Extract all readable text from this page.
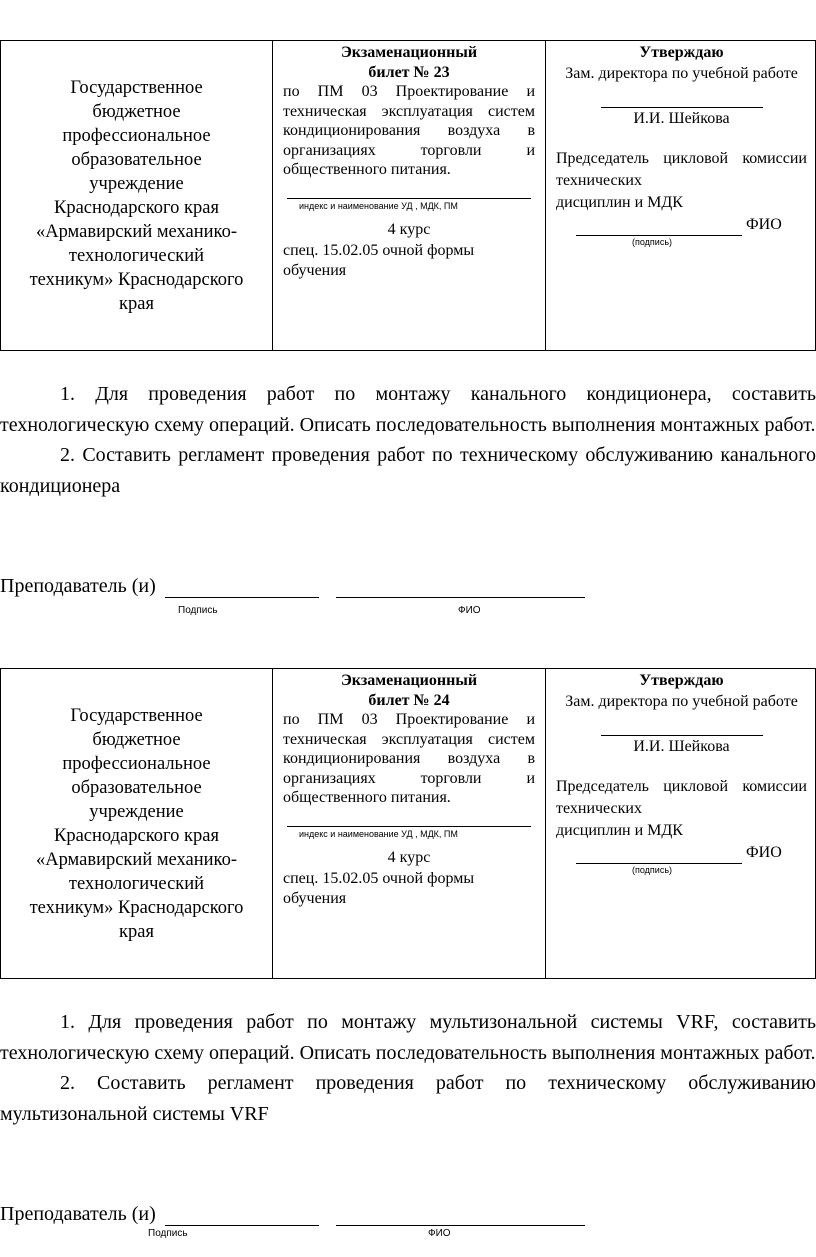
Государственное
бюджетное
профессиональное
образовательное
учреждение
Краснодарского края
«Армавирский механико-
технологический
техникум» Краснодарского
края

Экзаменационный
билет № 23
по ПМ 03 Проектирование и техническая эксплуатация систем кондиционирования воздуха в организациях торговли и общественного питания.
индекс и наименование УД , МДК, ПМ
4 курс
спец. 15.02.05 очной формы обучения

Утверждаю
Зам. директора по учебной работе
И.И. Шейкова
Председатель цикловой комиссии технических
дисциплин и МДК
ФИО
(подпись)

1. Для проведения работ по монтажу канального кондиционера, составить технологическую схему операций. Описать последовательность выполнения монтажных работ.

2. Составить регламент проведения работ по техническому обслуживанию канального кондиционера

Преподаватель (и)
Подпись	ФИО
Государственное
бюджетное
профессиональное
образовательное
учреждение
Краснодарского края
«Армавирский механико-
технологический
техникум» Краснодарского
края

Экзаменационный
билет № 24
по ПМ 03 Проектирование и техническая эксплуатация систем кондиционирования воздуха в организациях торговли и общественного питания.
индекс и наименование УД , МДК, ПМ
4 курс
спец. 15.02.05 очной формы обучения

Утверждаю
Зам. директора по учебной работе
И.И. Шейкова
Председатель цикловой комиссии технических
дисциплин и МДК
ФИО
(подпись)

1. Для проведения работ по монтажу мультизональной системы VRF, составить технологическую схему операций. Описать последовательность выполнения монтажных работ.

2. Составить регламент проведения работ по техническому обслуживанию мультизональной системы VRF

Преподаватель (и)
Подпись	ФИО
